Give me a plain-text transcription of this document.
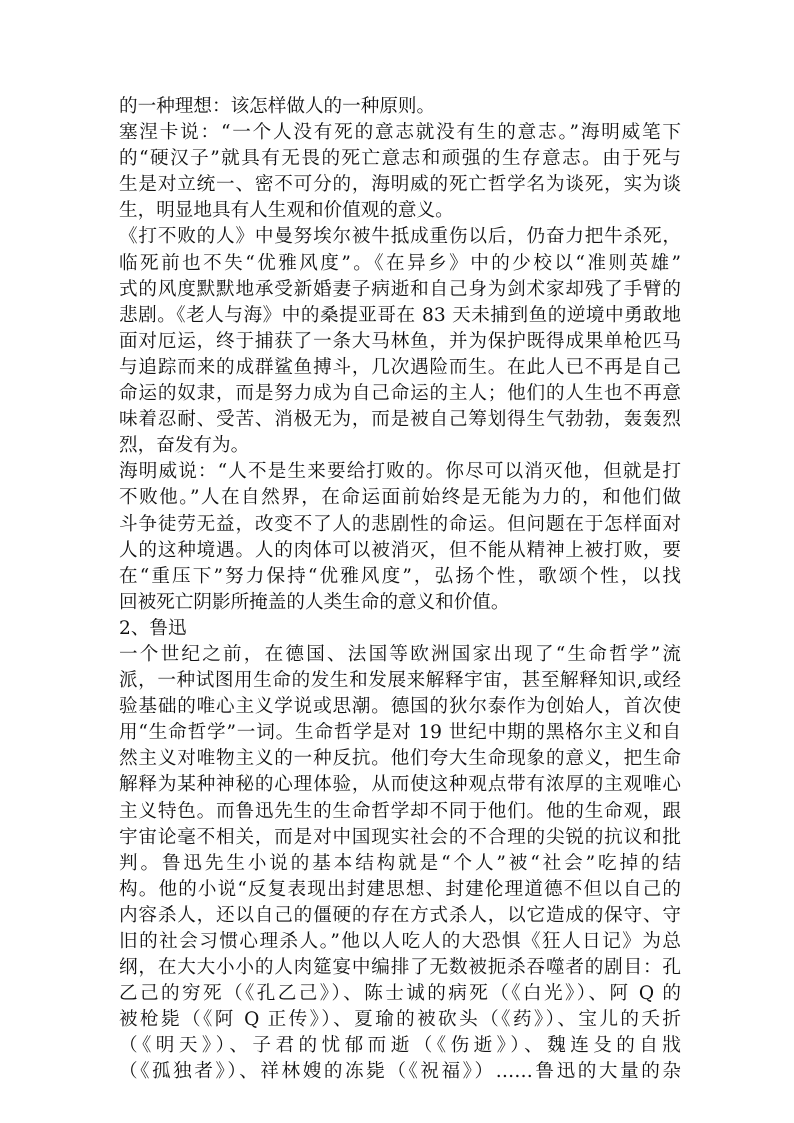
的一种理想：该怎样做人的一种原则。
塞涅卡说：“一个人没有死的意志就没有生的意志。”海明威笔下
的“硬汉子”就具有无畏的死亡意志和顽强的生存意志。由于死与
生是对立统一、密不可分的，海明威的死亡哲学名为谈死，实为谈
生，明显地具有人生观和价值观的意义。
《打不败的人》中曼努埃尔被牛抵成重伤以后，仍奋力把牛杀死，
临死前也不失“优雅风度”。《在异乡》中的少校以“准则英雄”
式的风度默默地承受新婚妻子病逝和自己身为剑术家却残了手臂的
悲剧。《老人与海》中的桑提亚哥在 83 天未捕到鱼的逆境中勇敢地
面对厄运，终于捕获了一条大马林鱼，并为保护既得成果单枪匹马
与追踪而来的成群鲨鱼搏斗，几次遇险而生。在此人已不再是自己
命运的奴隶，而是努力成为自己命运的主人；他们的人生也不再意
味着忍耐、受苦、消极无为，而是被自己筹划得生气勃勃，轰轰烈
烈，奋发有为。
海明威说：“人不是生来要给打败的。你尽可以消灭他，但就是打
不败他。”人在自然界，在命运面前始终是无能为力的，和他们做
斗争徒劳无益，改变不了人的悲剧性的命运。但问题在于怎样面对
人的这种境遇。人的肉体可以被消灭，但不能从精神上被打败，要
在“重压下”努力保持“优雅风度”，弘扬个性，歌颂个性，以找
回被死亡阴影所掩盖的人类生命的意义和价值。
2、鲁迅
一个世纪之前，在德国、法国等欧洲国家出现了“生命哲学”流
派，一种试图用生命的发生和发展来解释宇宙，甚至解释知识,或经
验基础的唯心主义学说或思潮。德国的狄尔泰作为创始人，首次使
用“生命哲学”一词。生命哲学是对 19 世纪中期的黑格尔主义和自
然主义对唯物主义的一种反抗。他们夸大生命现象的意义，把生命
解释为某种神秘的心理体验，从而使这种观点带有浓厚的主观唯心
主义特色。而鲁迅先生的生命哲学却不同于他们。他的生命观，跟
宇宙论毫不相关，而是对中国现实社会的不合理的尖锐的抗议和批
判。鲁迅先生小说的基本结构就是“个人”被“社会”吃掉的结
构。他的小说“反复表现出封建思想、封建伦理道德不但以自己的
内容杀人，还以自己的僵硬的存在方式杀人，以它造成的保守、守
旧的社会习惯心理杀人。”他以人吃人的大恐惧《狂人日记》为总
纲，在大大小小的人肉筵宴中编排了无数被扼杀吞噬者的剧目：孔
乙己的穷死（《孔乙己》）、陈士诚的病死（《白光》）、阿 Q 的
被枪毙（《阿 Q 正传》）、夏瑜的被砍头（《药》）、宝儿的夭折
（《明天》）、子君的忧郁而逝（《伤逝》）、魏连殳的自戕
（《孤独者》）、祥林嫂的冻毙（《祝福》）……鲁迅的大量的杂
